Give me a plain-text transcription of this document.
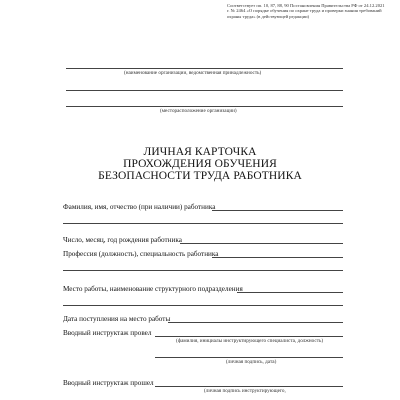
Соответствует пп. 10, 87, 88, 90 Постановления Правительства РФ от 24.12.2021 г. № 2464 «О порядке обучения по охране труда и проверки знания требований охраны труда» (в действующей редакции)
(наименование организации, ведомственная принадлежность)
(месторасположение организации)
ЛИЧНАЯ КАРТОЧКА
ПРОХОЖДЕНИЯ ОБУЧЕНИЯ
БЕЗОПАСНОСТИ ТРУДА РАБОТНИКА
Фамилия, имя, отчество (при наличии) работника
Число, месяц, год рождения работника
Профессия (должность), специальность работника
Место работы, наименование структурного подразделения
Дата поступления на место работы
Вводный инструктаж провел
(фамилия, инициалы инструктирующего специалиста, должность)
(личная подпись, дата)
Вводный инструктаж прошел
(личная подпись инструктирующего,
